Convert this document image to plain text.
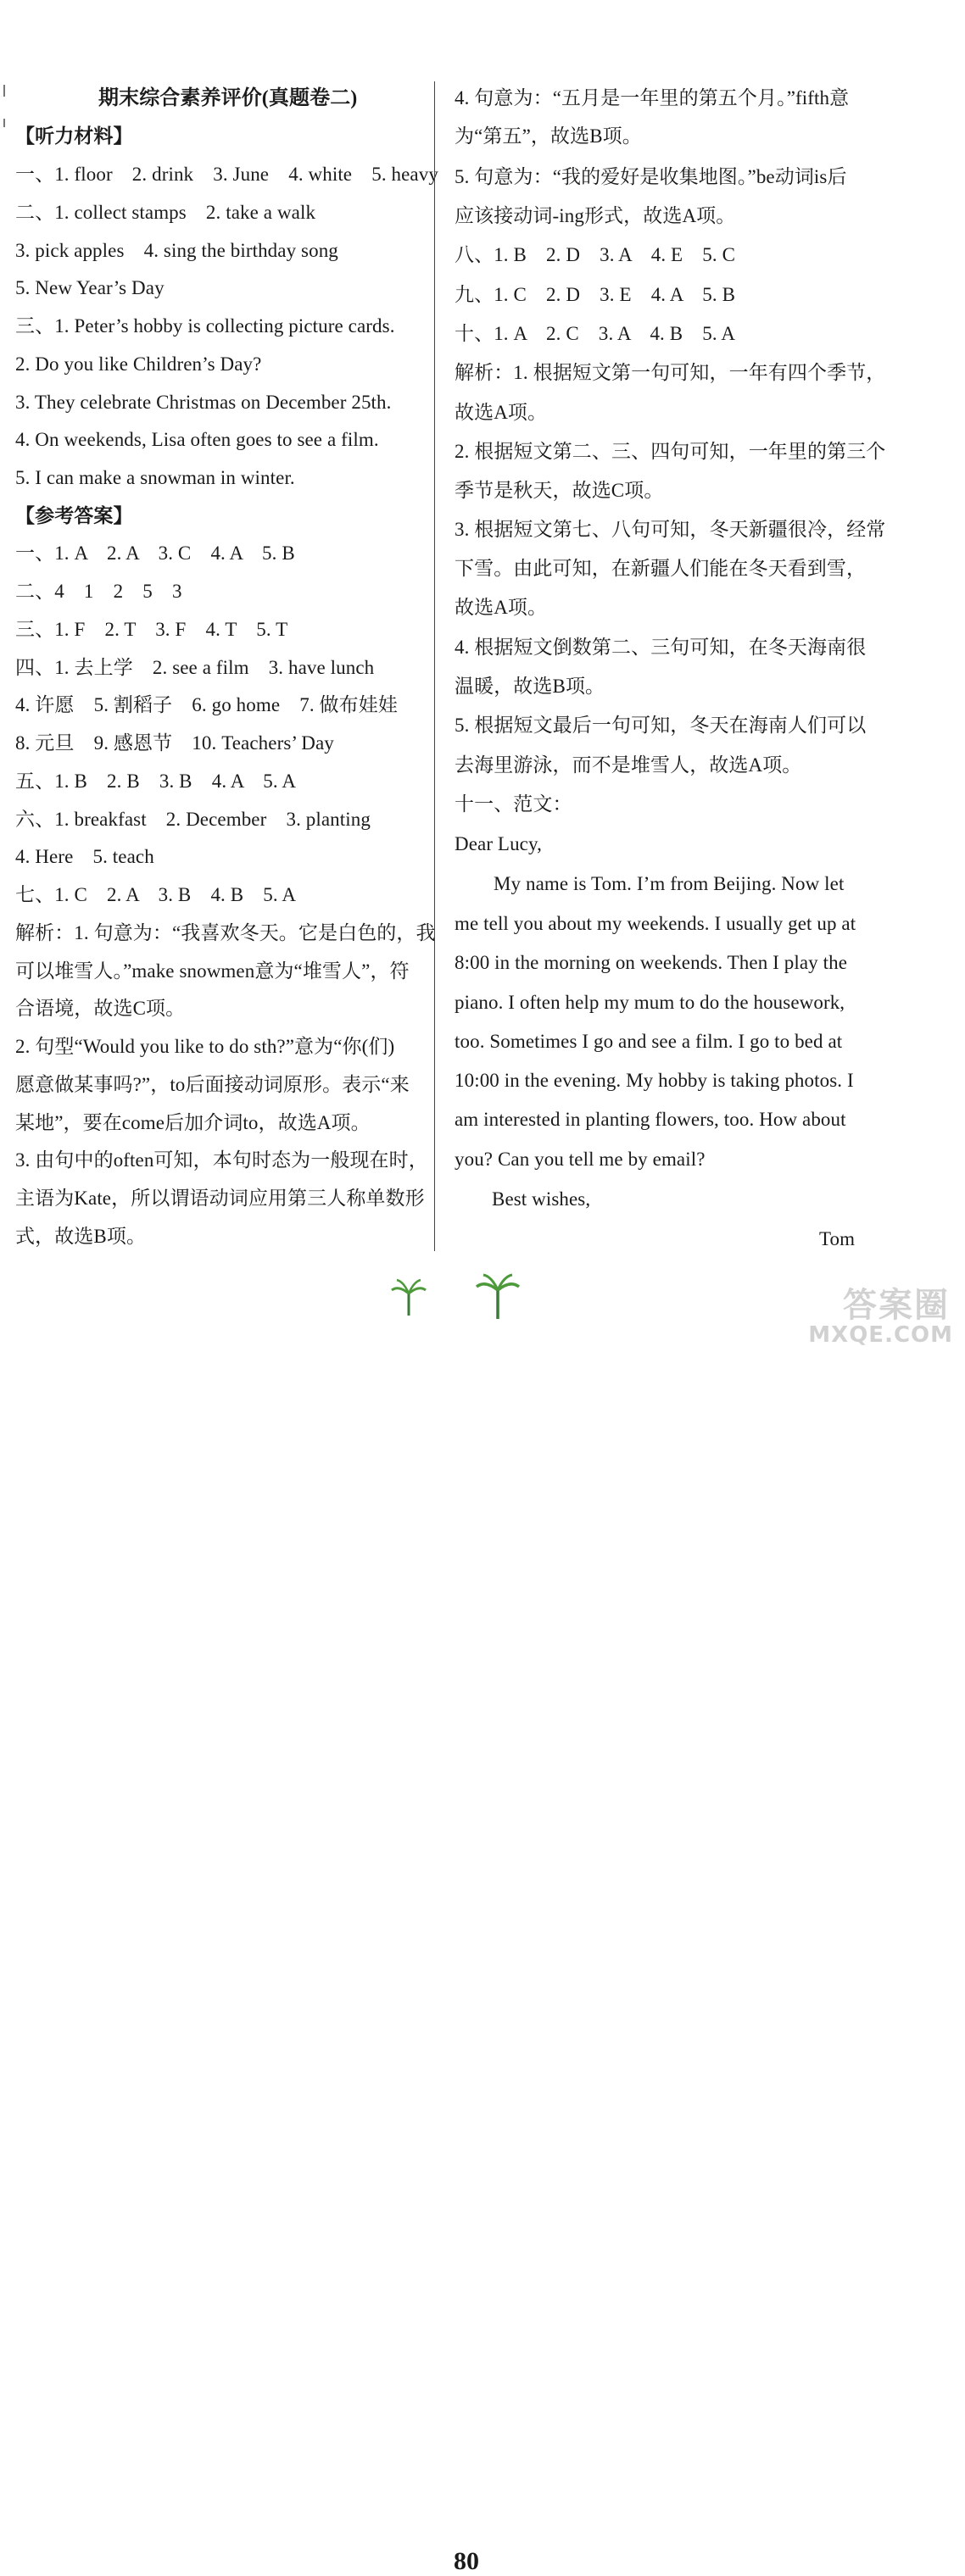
期末综合素养评价(真题卷二)
【听力材料】
一、1. floor　2. drink　3. June　4. white　5. heavy
二、1. collect stamps　2. take a walk
3. pick apples　4. sing the birthday song
5. New Year’s Day
三、1. Peter’s hobby is collecting picture cards.
2. Do you like Children’s Day?
3. They celebrate Christmas on December 25th.
4. On weekends, Lisa often goes to see a film.
5. I can make a snowman in winter.
【参考答案】
一、1. A　2. A　3. C　4. A　5. B
二、4　1　2　5　3
三、1. F　2. T　3. F　4. T　5. T
四、1. 去上学　2. see a film　3. have lunch
4. 许愿　5. 割稻子　6. go home　7. 做布娃娃
8. 元旦　9. 感恩节　10. Teachers’ Day
五、1. B　2. B　3. B　4. A　5. A
六、1. breakfast　2. December　3. planting
4. Here　5. teach
七、1. C　2. A　3. B　4. B　5. A
解析：1. 句意为：“我喜欢冬天。它是白色的，我
可以堆雪人。”make snowmen意为“堆雪人”，符
合语境，故选C项。
2. 句型“Would you like to do sth?”意为“你(们)
愿意做某事吗?”，to后面接动词原形。表示“来
某地”，要在come后加介词to，故选A项。
3. 由句中的often可知，本句时态为一般现在时，
主语为Kate，所以谓语动词应用第三人称单数形
式，故选B项。
4. 句意为：“五月是一年里的第五个月。”fifth意
为“第五”，故选B项。
5. 句意为：“我的爱好是收集地图。”be动词is后
应该接动词-ing形式，故选A项。
八、1. B　2. D　3. A　4. E　5. C
九、1. C　2. D　3. E　4. A　5. B
十、1. A　2. C　3. A　4. B　5. A
解析：1. 根据短文第一句可知，一年有四个季节，
故选A项。
2. 根据短文第二、三、四句可知，一年里的第三个
季节是秋天，故选C项。
3. 根据短文第七、八句可知，冬天新疆很冷，经常
下雪。由此可知，在新疆人们能在冬天看到雪，
故选A项。
4. 根据短文倒数第二、三句可知，在冬天海南很
温暖，故选B项。
5. 根据短文最后一句可知，冬天在海南人们可以
去海里游泳，而不是堆雪人，故选A项。
十一、范文：
Dear Lucy,
My name is Tom. I’m from Beijing. Now let
me tell you about my weekends. I usually get up at
8:00 in the morning on weekends. Then I play the
piano. I often help my mum to do the housework,
too. Sometimes I go and see a film. I go to bed at
10:00 in the evening. My hobby is taking photos. I
am interested in planting flowers, too. How about
you? Can you tell me by email?
Best wishes,
Tom
80
答案圈
MXQE.COM
